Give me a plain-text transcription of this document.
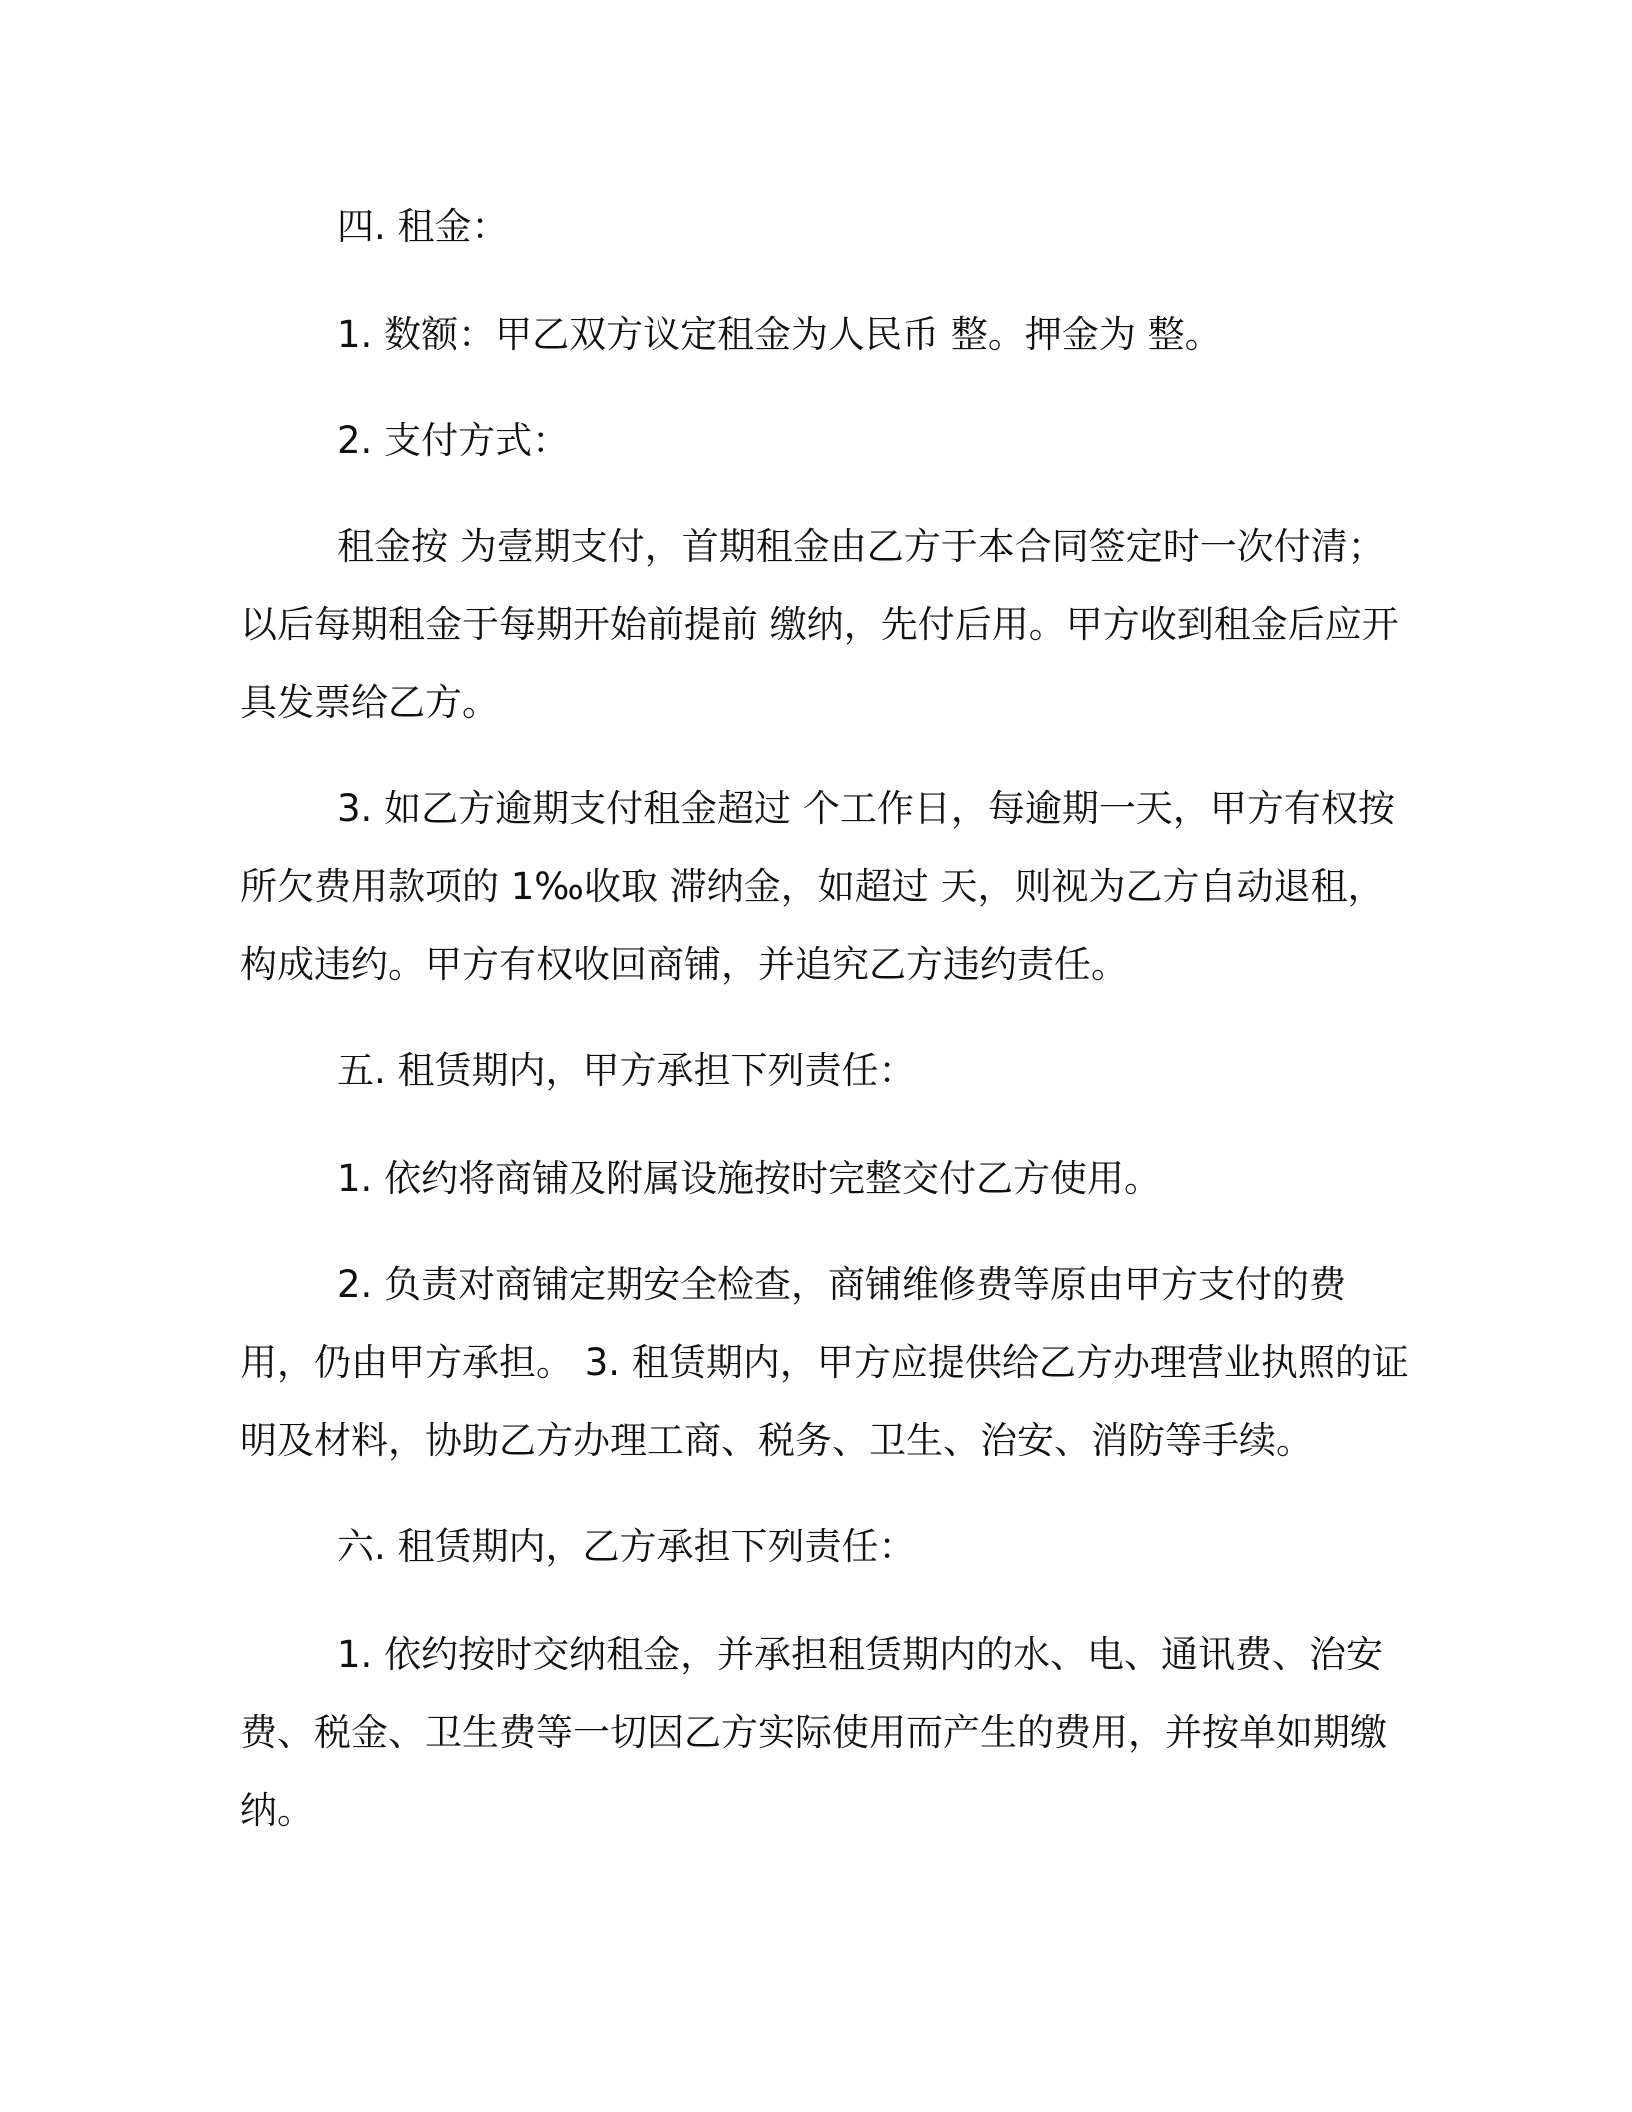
四. 租金：

1. 数额：甲乙双方议定租金为人民币 整。押金为 整。

2. 支付方式：

租金按 为壹期支付，首期租金由乙方于本合同签定时一次付清；以后每期租金于每期开始前提前 缴纳，先付后用。甲方收到租金后应开具发票给乙方。

3. 如乙方逾期支付租金超过 个工作日，每逾期一天，甲方有权按所欠费用款项的 1‰收取 滞纳金，如超过 天，则视为乙方自动退租，构成违约。甲方有权收回商铺，并追究乙方违约责任。

五. 租赁期内，甲方承担下列责任：

1. 依约将商铺及附属设施按时完整交付乙方使用。

2. 负责对商铺定期安全检查，商铺维修费等原由甲方支付的费用，仍由甲方承担。 3. 租赁期内，甲方应提供给乙方办理营业执照的证明及材料，协助乙方办理工商、税务、卫生、治安、消防等手续。

六. 租赁期内，乙方承担下列责任：

1. 依约按时交纳租金，并承担租赁期内的水、电、通讯费、治安费、税金、卫生费等一切因乙方实际使用而产生的费用，并按单如期缴纳。
